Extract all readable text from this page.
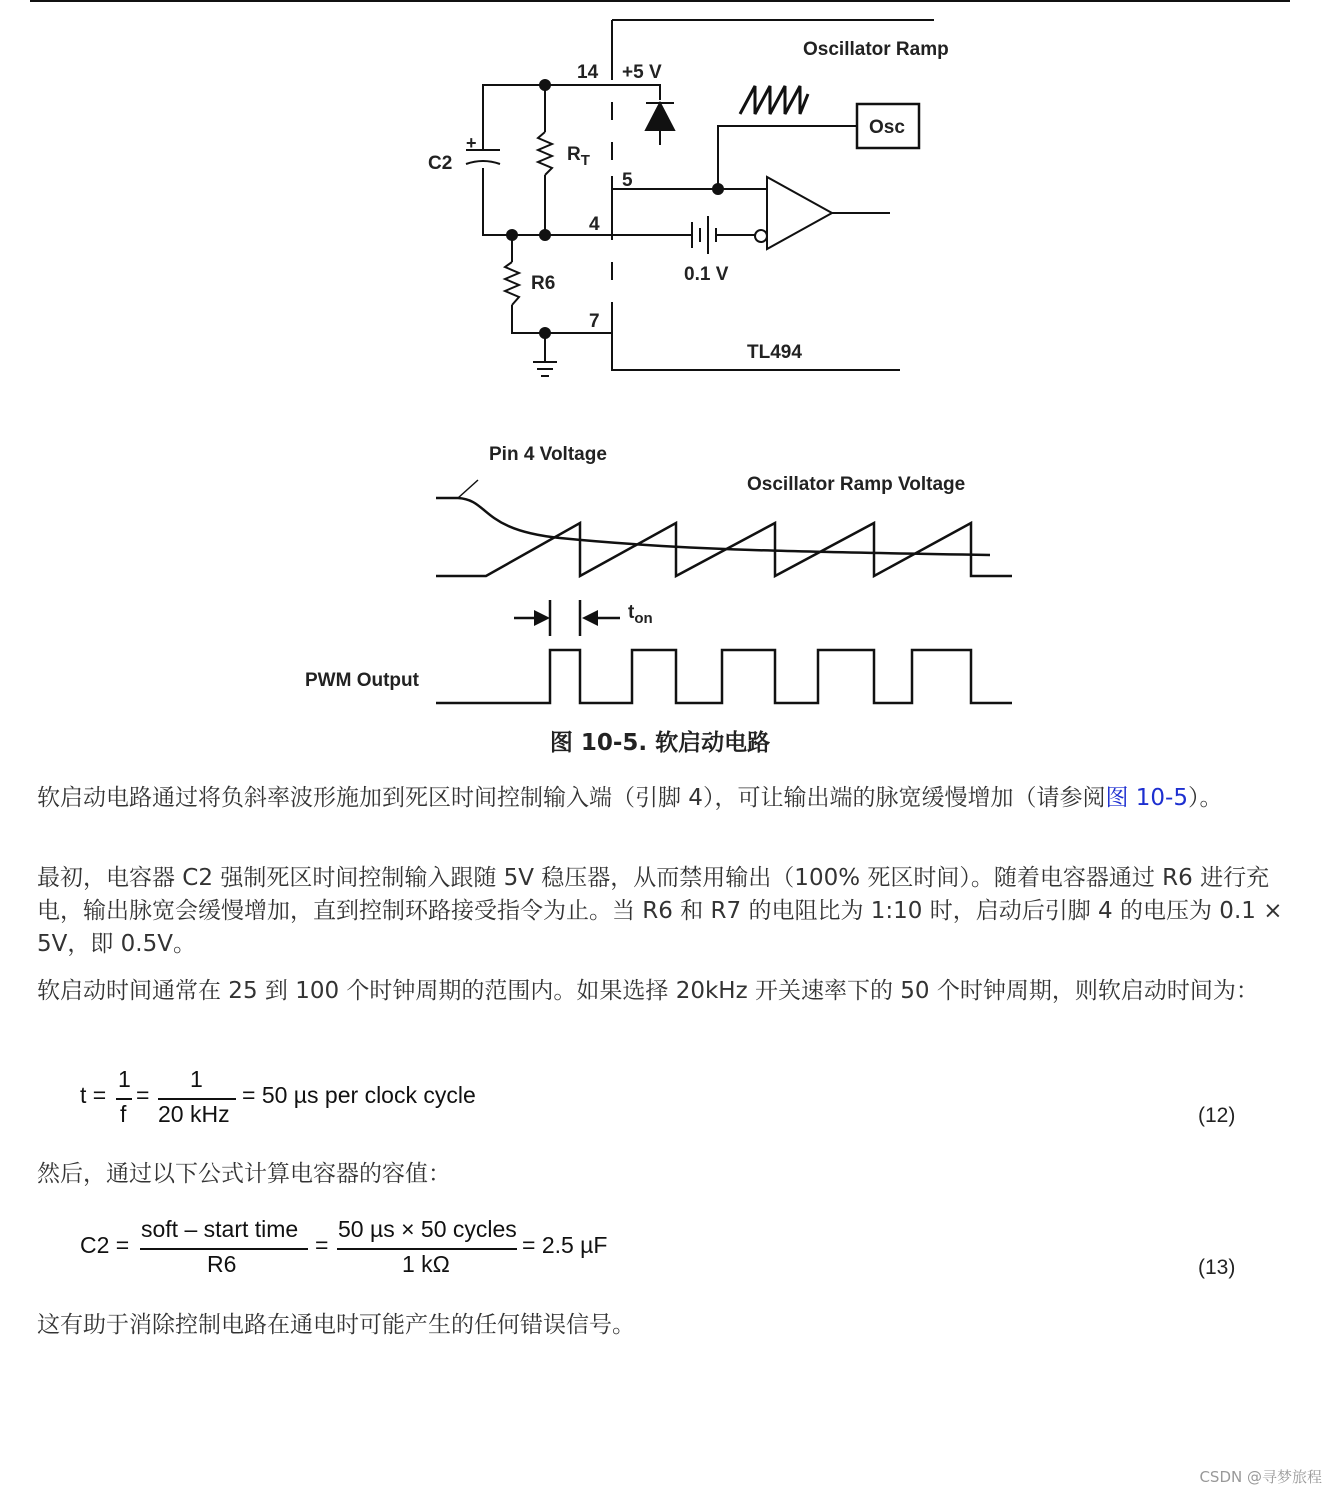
Oscillator Ramp
14 +5 V
C2
+
$R_T$
5
4
Osc
0.1 V
R6
7
TL494
Pin 4 Voltage
Oscillator Ramp Voltage
$t_{on}$
PWM Output
图 10-5. 软启动电路
软启动电路通过将负斜率波形施加到死区时间控制输入端（引脚 4），可让输出端的脉宽缓慢增加（请参阅图 10-5）。
最初，电容器 C2 强制死区时间控制输入跟随 5V 稳压器，从而禁用输出（100% 死区时间）。随着电容器通过 R6 进行充电，输出脉宽会缓慢增加，直到控制环路接受指令为止。当 R6 和 R7 的电阻比为 1:10 时，启动后引脚 4 的电压为 0.1 × 5V，即 0.5V。
软启动时间通常在 25 到 100 个时钟周期的范围内。如果选择 20kHz 开关速率下的 50 个时钟周期，则软启动时间为：
t =
1
f
=
1
20 kHz
= 50 µs per clock cycle
(12)
然后，通过以下公式计算电容器的容值：
C2 =
soft – start time
R6
=
50 µs × 50 cycles
1 kΩ
= 2.5 µF
(13)
这有助于消除控制电路在通电时可能产生的任何错误信号。
CSDN @寻梦旅程
